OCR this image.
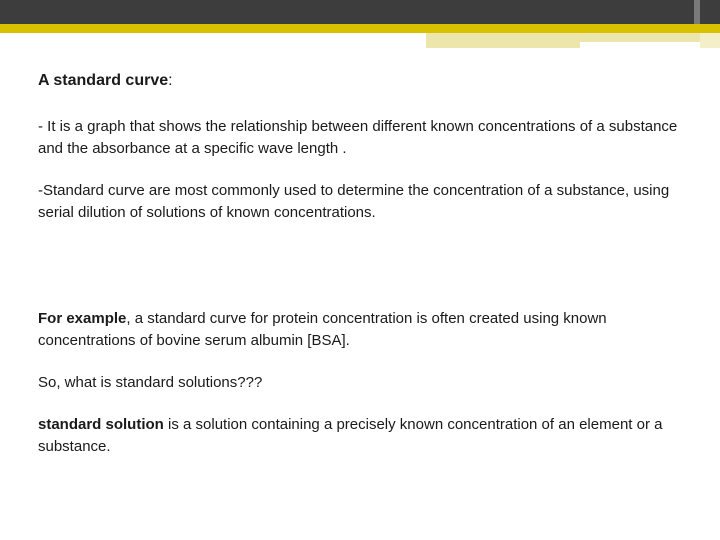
A standard curve:

- It is a graph that shows the relationship between different known concentrations of a substance and the absorbance at a specific wave length .

-Standard curve are most commonly used to determine the concentration of a substance, using serial dilution of solutions of known concentrations.

For example, a standard curve for protein concentration is often created using known concentrations of bovine serum albumin [BSA].

So, what is standard solutions???

standard solution is a solution containing a precisely known concentration of an element or a substance.
